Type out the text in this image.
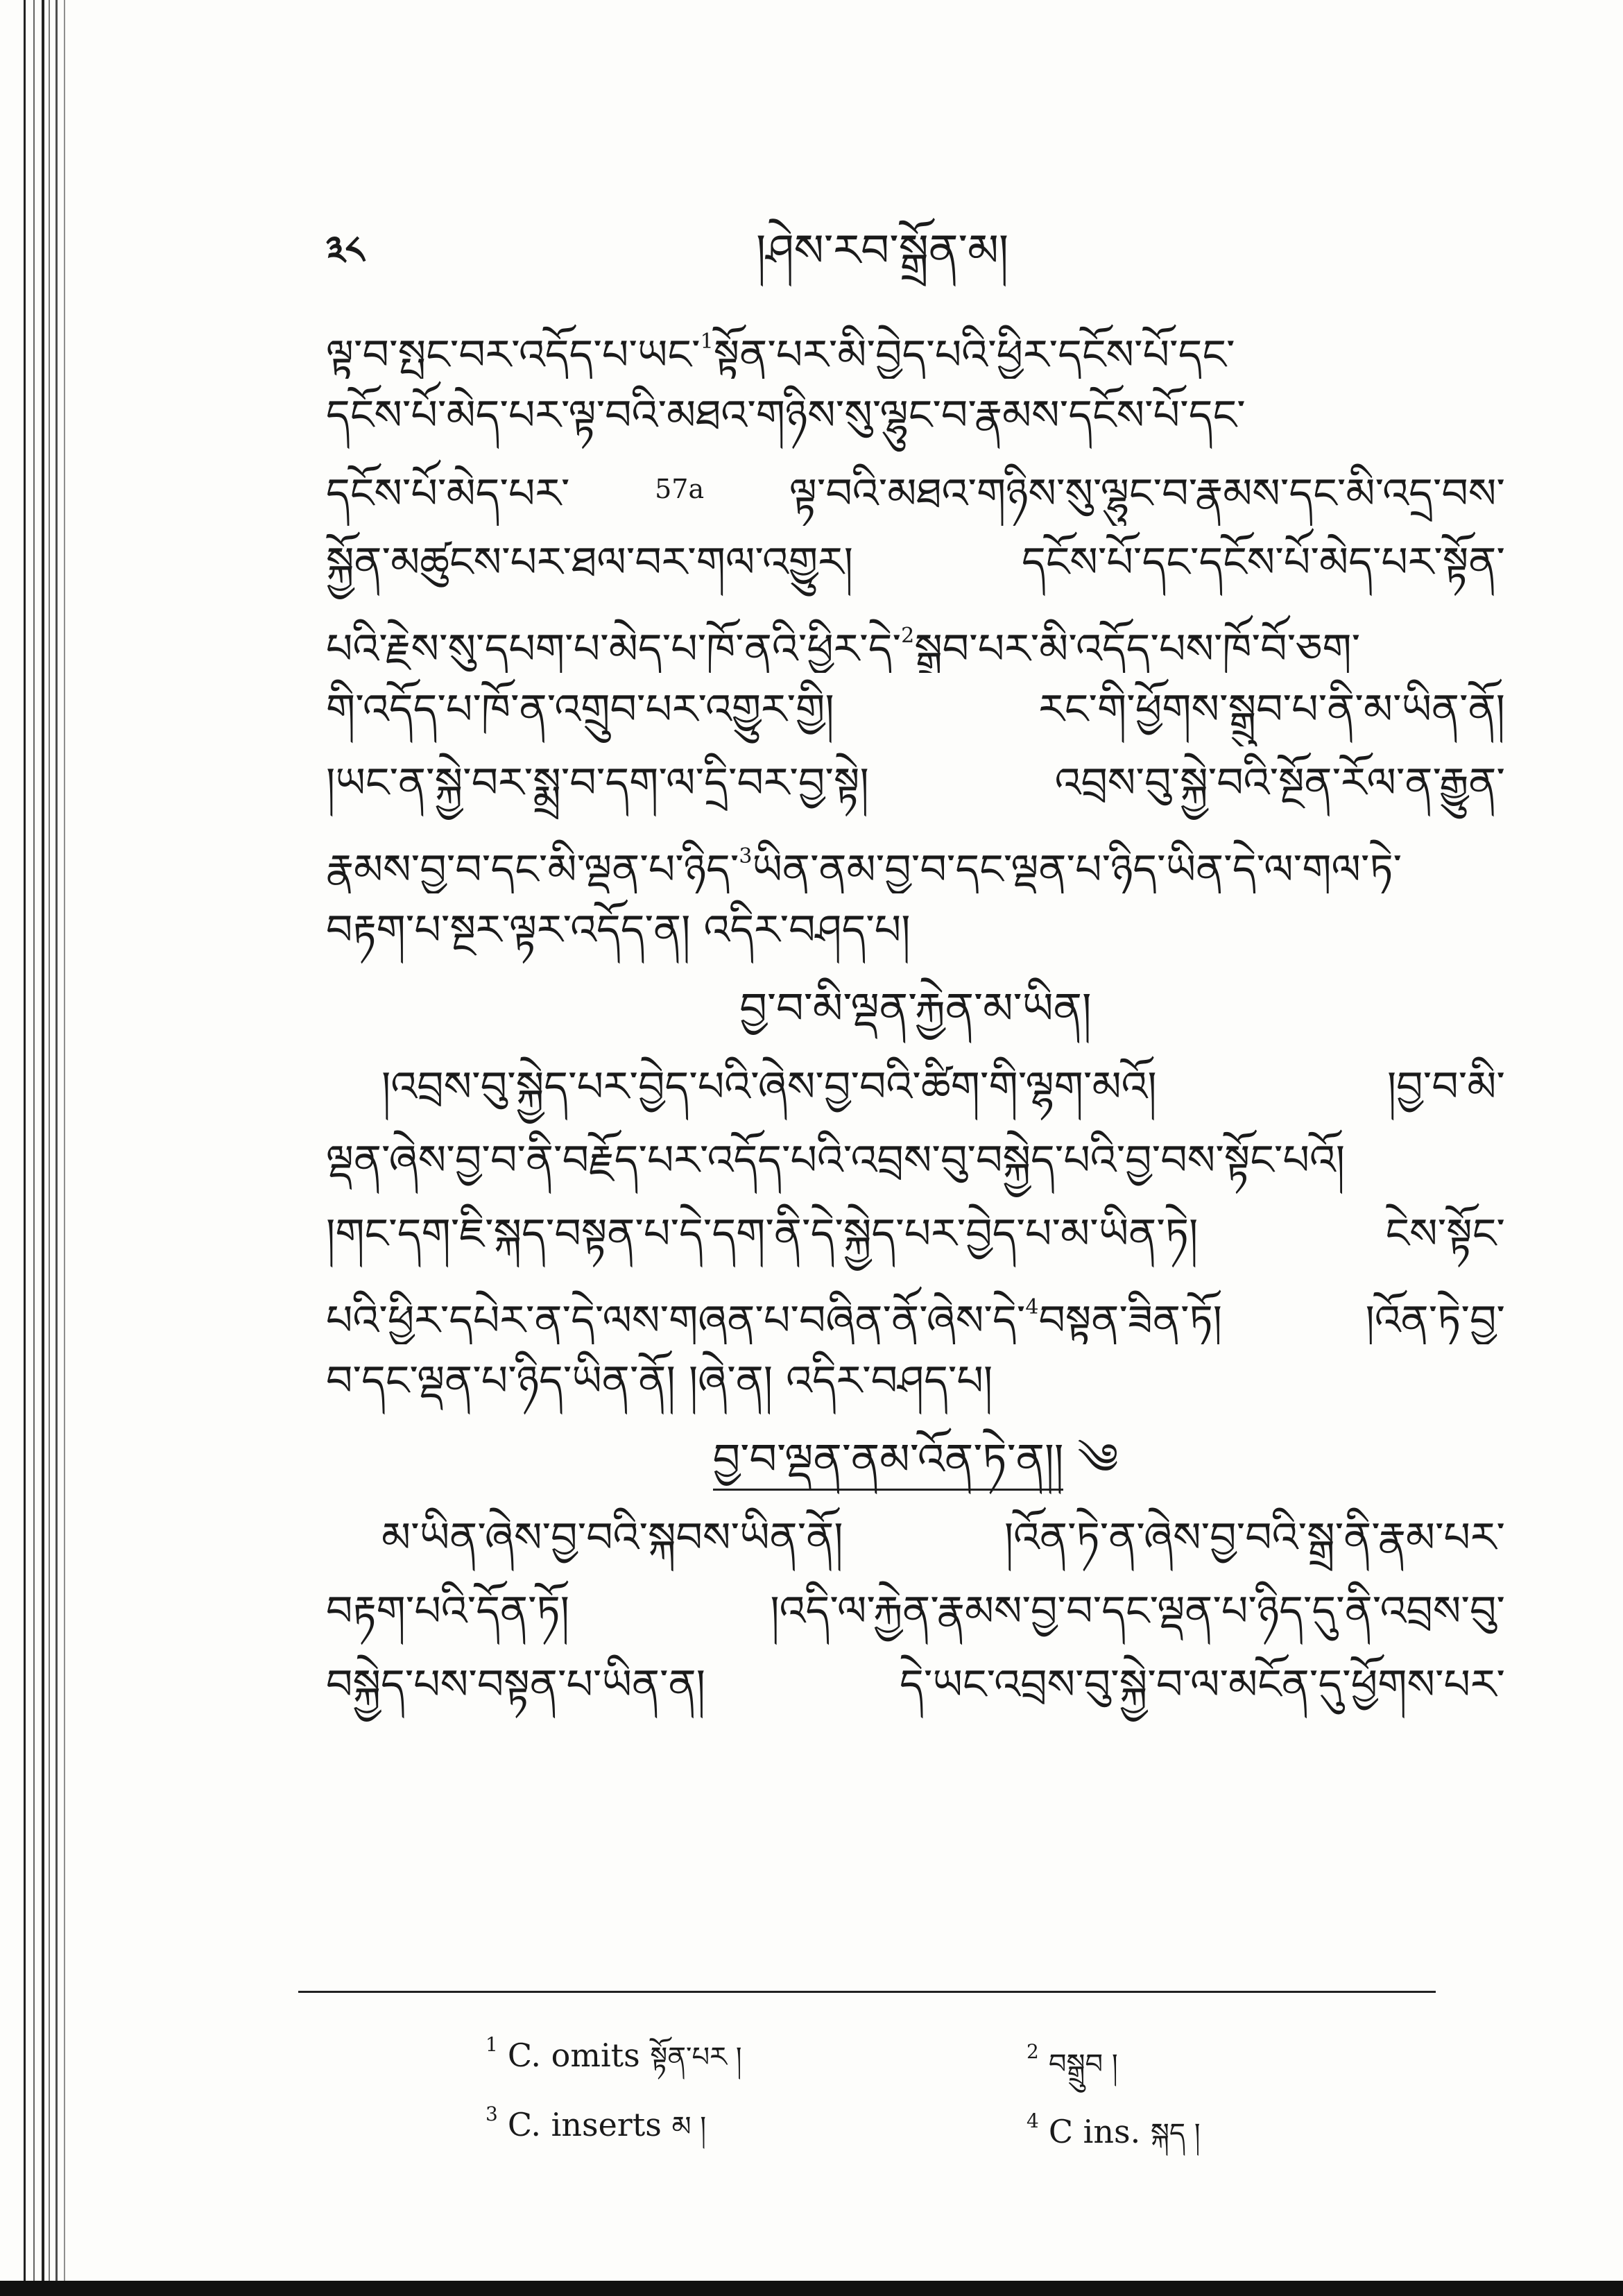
༣༨	།ཤེས་རབ་སྒྲོན་མ།
ལྟ་བ་སྤང་བར་འདོད་པ་ཡང་$^1$སྟོན་པར་མི་བྱེད་པའི་ཕྱིར་དངོས་པོ་དང་
དངོས་པོ་མེད་པར་ལྟ་བའི་མཐའ་གཉིས་སུ་ལྷུང་བ་རྣམས་དངོས་པོ་དང་
དངོས་པོ་མེད་པར་	$^{57a}$ ལྟ་བའི་མཐའ་གཉིས་སུ་ལྷུང་བ་རྣམས་དང་མི་འདྲ་བས་
སྐྱོན་མཚུངས་པར་ཐལ་བར་གལ་འགྱུར། དངོས་པོ་དང་དངོས་པོ་མེད་པར་སྟོན་
པའི་རྗེས་སུ་དཔག་པ་མེད་པ་ཁོ་ནའི་ཕྱིར་དེ་$^2$སྒྲུབ་པར་མི་འདོད་པས་ཁོ་བོ་ཅག་
གི་འདོད་པ་ཁོ་ན་འགྲུབ་པར་འགྱུར་གྱི། རང་གི་ཕྱོགས་སྒྲུབ་པ་ནི་མ་ཡིན་ནོ།
།ཡང་ན་སྐྱེ་བར་སྨྲ་བ་དག་ལ་དྲི་བར་བྱ་སྟེ། འབྲས་བུ་སྐྱེ་བའི་སྔོན་རོལ་ན་རྒྱུན་
རྣམས་བྱ་བ་དང་མི་ལྡན་པ་ཉིད་$^3$ཡིན་ནམ་བྱ་བ་དང་ལྡན་པ་ཉིད་ཡིན་དེ་ལ་གལ་ཏེ་
བརྟག་པ་སྔར་ལྟར་འདོད་ན། འདིར་བཤད་པ།
བྱ་བ་མི་ལྡན་རྐྱེན་མ་ཡིན།
།འབྲས་བུ་སྐྱེད་པར་བྱེད་པའི་ཞེས་བྱ་བའི་ཚིག་གི་ལྷག་མའོ། །བྱ་བ་མི་
ལྡན་ཞེས་བྱ་བ་ནི་བརྗོད་པར་འདོད་པའི་འབྲས་བུ་བསྐྱེད་པའི་བྱ་བས་སྟོང་པའོ།
།གང་དག་ཇི་སྐད་བསྟན་པ་དེ་དག་ནི་དེ་སྐྱེད་པར་བྱེད་པ་མ་ཡིན་ཏེ། ངེས་སྟོང་
པའི་ཕྱིར་དཔེར་ན་དེ་ལས་གཞན་པ་བཞིན་ནོ་ཞེས་དེ་$^4$བསྟན་ཟིན་ཏོ། །འོན་ཏེ་བྱ་
བ་དང་ལྡན་པ་ཉིད་ཡིན་ནོ། །ཞེ་ན། འདིར་བཤད་པ།
བྱ་བ་ལྡན་ནམ་འོན་ཏེ་ན།། ༄
མ་ཡིན་ཞེས་བྱ་བའི་སྐབས་ཡིན་ནོ། །འོན་ཏེ་ན་ཞེས་བྱ་བའི་སྒྲ་ནི་རྣམ་པར་
བརྟག་པའི་དོན་ཏོ། །འདི་ལ་རྐྱེན་རྣམས་བྱ་བ་དང་ལྡན་པ་ཉིད་དུ་ནི་འབྲས་བུ་
བསྐྱེད་པས་བསྟན་པ་ཡིན་ན། དེ་ཡང་འབྲས་བུ་སྐྱེ་བ་ལ་མངོན་དུ་ཕྱོགས་པར་
$^1$ C. omits སྟོན་པར །	$^2$ བསྒྲུབ །
$^3$ C. inserts མ །	$^4$ C ins. སྐད །
